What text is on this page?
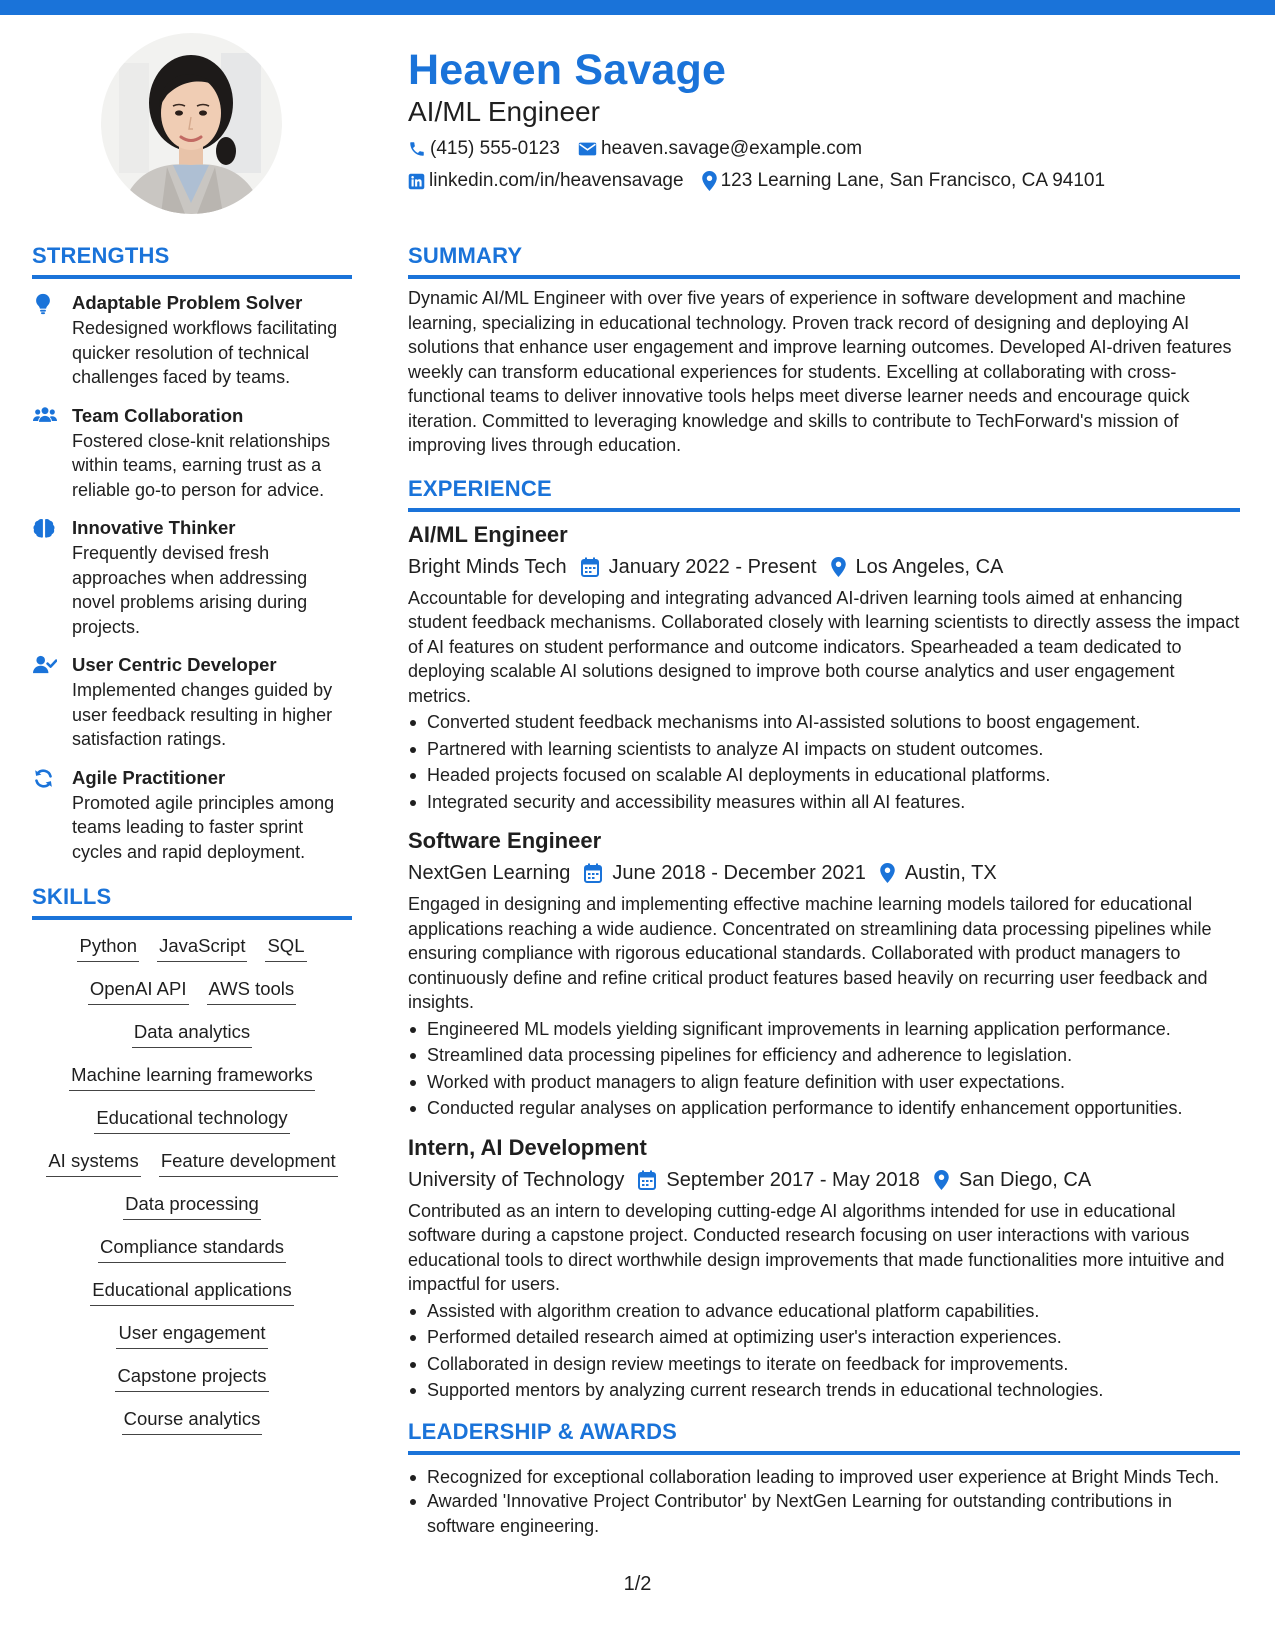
Heaven Savage
AI/ML Engineer
(415) 555-0123 heaven.savage@example.com
linkedin.com/in/heavensavage 123 Learning Lane, San Francisco, CA 94101
STRENGTHS
Adaptable Problem Solver
Redesigned workflows facilitating quicker resolution of technical challenges faced by teams.
Team Collaboration
Fostered close-knit relationships within teams, earning trust as a reliable go-to person for advice.
Innovative Thinker
Frequently devised fresh approaches when addressing novel problems arising during projects.
User Centric Developer
Implemented changes guided by user feedback resulting in higher satisfaction ratings.
Agile Practitioner
Promoted agile principles among teams leading to faster sprint cycles and rapid deployment.
SKILLS
Python JavaScript SQL
OpenAI API AWS tools
Data analytics
Machine learning frameworks
Educational technology
AI systems Feature development
Data processing
Compliance standards
Educational applications
User engagement
Capstone projects
Course analytics
SUMMARY
Dynamic AI/ML Engineer with over five years of experience in software development and machine learning, specializing in educational technology. Proven track record of designing and deploying AI solutions that enhance user engagement and improve learning outcomes. Developed AI-driven features weekly can transform educational experiences for students. Excelling at collaborating with cross-functional teams to deliver innovative tools helps meet diverse learner needs and encourage quick iteration. Committed to leveraging knowledge and skills to contribute to TechForward's mission of improving lives through education.
EXPERIENCE
AI/ML Engineer
Bright Minds Tech January 2022 - Present Los Angeles, CA
Accountable for developing and integrating advanced AI-driven learning tools aimed at enhancing student feedback mechanisms. Collaborated closely with learning scientists to directly assess the impact of AI features on student performance and outcome indicators. Spearheaded a team dedicated to deploying scalable AI solutions designed to improve both course analytics and user engagement metrics.
Converted student feedback mechanisms into AI-assisted solutions to boost engagement.
Partnered with learning scientists to analyze AI impacts on student outcomes.
Headed projects focused on scalable AI deployments in educational platforms.
Integrated security and accessibility measures within all AI features.
Software Engineer
NextGen Learning June 2018 - December 2021 Austin, TX
Engaged in designing and implementing effective machine learning models tailored for educational applications reaching a wide audience. Concentrated on streamlining data processing pipelines while ensuring compliance with rigorous educational standards. Collaborated with product managers to continuously define and refine critical product features based heavily on recurring user feedback and insights.
Engineered ML models yielding significant improvements in learning application performance.
Streamlined data processing pipelines for efficiency and adherence to legislation.
Worked with product managers to align feature definition with user expectations.
Conducted regular analyses on application performance to identify enhancement opportunities.
Intern, AI Development
University of Technology September 2017 - May 2018 San Diego, CA
Contributed as an intern to developing cutting-edge AI algorithms intended for use in educational software during a capstone project. Conducted research focusing on user interactions with various educational tools to direct worthwhile design improvements that made functionalities more intuitive and impactful for users.
Assisted with algorithm creation to advance educational platform capabilities.
Performed detailed research aimed at optimizing user's interaction experiences.
Collaborated in design review meetings to iterate on feedback for improvements.
Supported mentors by analyzing current research trends in educational technologies.
LEADERSHIP & AWARDS
Recognized for exceptional collaboration leading to improved user experience at Bright Minds Tech.
Awarded 'Innovative Project Contributor' by NextGen Learning for outstanding contributions in software engineering.
1/2
